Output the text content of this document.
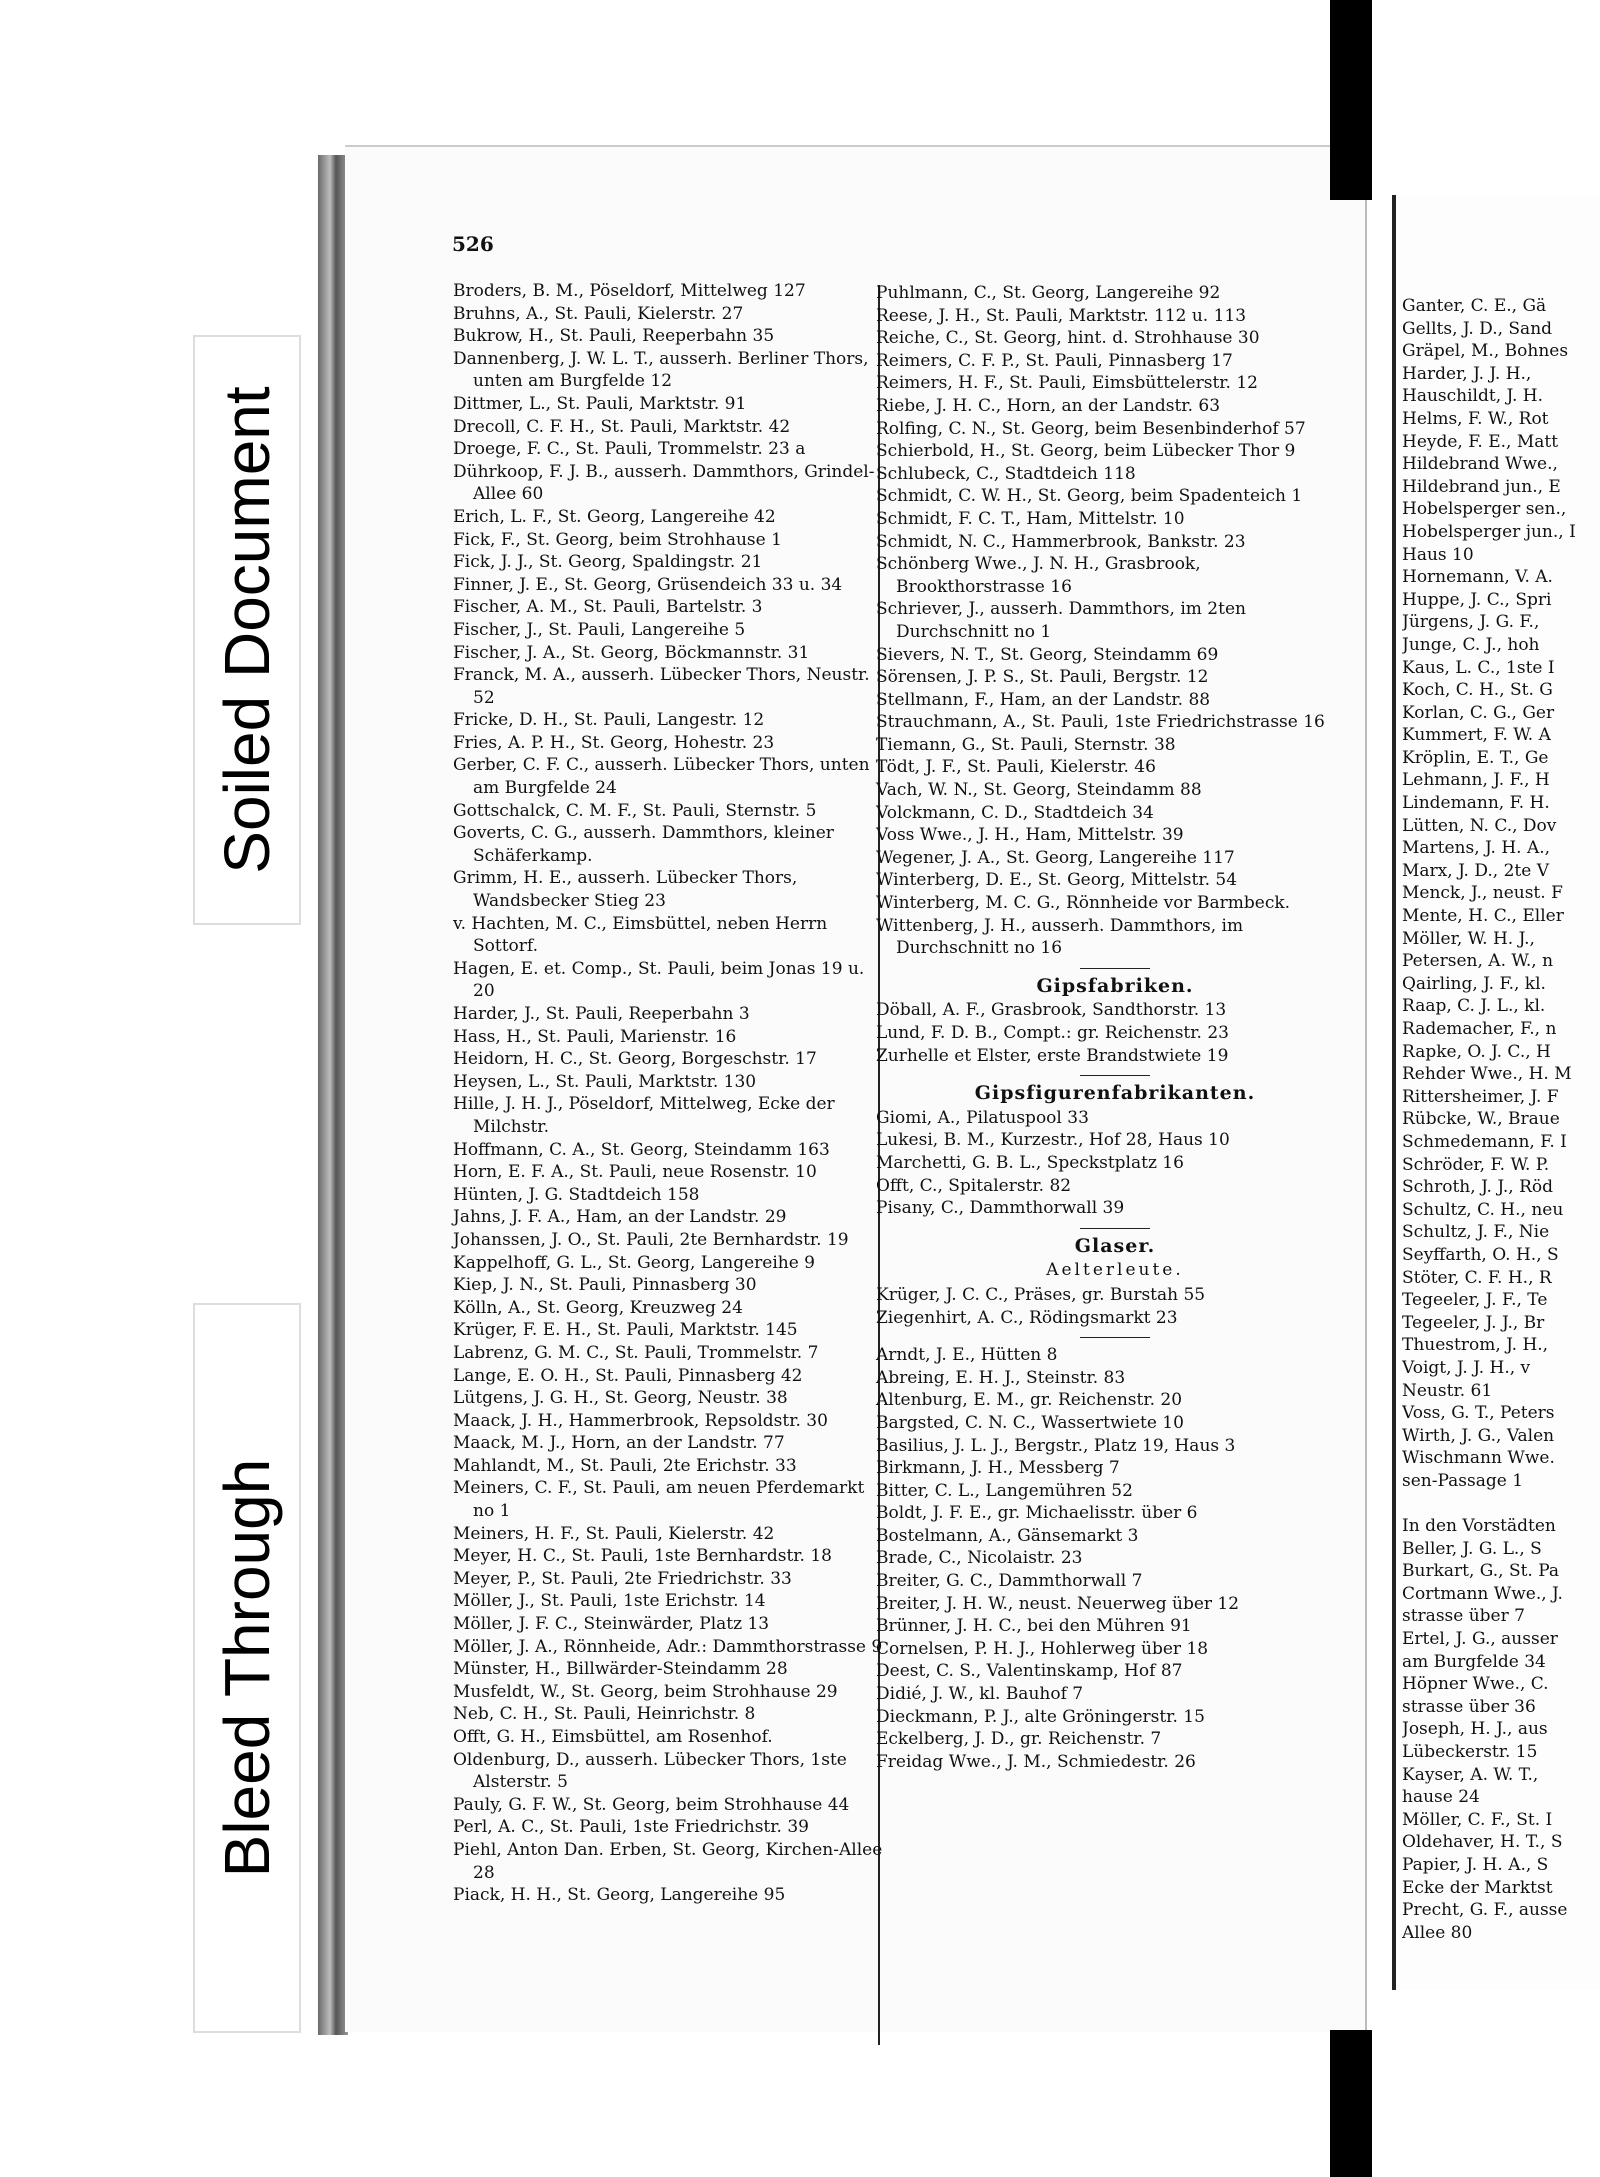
Soiled Document
Bleed Through
526
Broders, B. M., Pöseldorf, Mittelweg 127
Bruhns, A., St. Pauli, Kielerstr. 27
Bukrow, H., St. Pauli, Reeperbahn 35
Dannenberg, J. W. L. T., ausserh. Berliner Thors, unten am Burgfelde 12
Dittmer, L., St. Pauli, Marktstr. 91
Drecoll, C. F. H., St. Pauli, Marktstr. 42
Droege, F. C., St. Pauli, Trommelstr. 23 a
Dührkoop, F. J. B., ausserh. Dammthors, Grindel-Allee 60
Erich, L. F., St. Georg, Langereihe 42
Fick, F., St. Georg, beim Strohhause 1
Fick, J. J., St. Georg, Spaldingstr. 21
Finner, J. E., St. Georg, Grüsendeich 33 u. 34
Fischer, A. M., St. Pauli, Bartelstr. 3
Fischer, J., St. Pauli, Langereihe 5
Fischer, J. A., St. Georg, Böckmannstr. 31
Franck, M. A., ausserh. Lübecker Thors, Neustr. 52
Fricke, D. H., St. Pauli, Langestr. 12
Fries, A. P. H., St. Georg, Hohestr. 23
Gerber, C. F. C., ausserh. Lübecker Thors, unten am Burgfelde 24
Gottschalck, C. M. F., St. Pauli, Sternstr. 5
Goverts, C. G., ausserh. Dammthors, kleiner Schäferkamp.
Grimm, H. E., ausserh. Lübecker Thors, Wandsbecker Stieg 23
v. Hachten, M. C., Eimsbüttel, neben Herrn Sottorf.
Hagen, E. et. Comp., St. Pauli, beim Jonas 19 u. 20
Harder, J., St. Pauli, Reeperbahn 3
Hass, H., St. Pauli, Marienstr. 16
Heidorn, H. C., St. Georg, Borgeschstr. 17
Heysen, L., St. Pauli, Marktstr. 130
Hille, J. H. J., Pöseldorf, Mittelweg, Ecke der Milchstr.
Hoffmann, C. A., St. Georg, Steindamm 163
Horn, E. F. A., St. Pauli, neue Rosenstr. 10
Hünten, J. G. Stadtdeich 158
Jahns, J. F. A., Ham, an der Landstr. 29
Johanssen, J. O., St. Pauli, 2te Bernhardstr. 19
Kappelhoff, G. L., St. Georg, Langereihe 9
Kiep, J. N., St. Pauli, Pinnasberg 30
Kölln, A., St. Georg, Kreuzweg 24
Krüger, F. E. H., St. Pauli, Marktstr. 145
Labrenz, G. M. C., St. Pauli, Trommelstr. 7
Lange, E. O. H., St. Pauli, Pinnasberg 42
Lütgens, J. G. H., St. Georg, Neustr. 38
Maack, J. H., Hammerbrook, Repsoldstr. 30
Maack, M. J., Horn, an der Landstr. 77
Mahlandt, M., St. Pauli, 2te Erichstr. 33
Meiners, C. F., St. Pauli, am neuen Pferdemarkt no 1
Meiners, H. F., St. Pauli, Kielerstr. 42
Meyer, H. C., St. Pauli, 1ste Bernhardstr. 18
Meyer, P., St. Pauli, 2te Friedrichstr. 33
Möller, J., St. Pauli, 1ste Erichstr. 14
Möller, J. F. C., Steinwärder, Platz 13
Möller, J. A., Rönnheide, Adr.: Dammthorstrasse 9
Münster, H., Billwärder-Steindamm 28
Musfeldt, W., St. Georg, beim Strohhause 29
Neb, C. H., St. Pauli, Heinrichstr. 8
Offt, G. H., Eimsbüttel, am Rosenhof.
Oldenburg, D., ausserh. Lübecker Thors, 1ste Alsterstr. 5
Pauly, G. F. W., St. Georg, beim Strohhause 44
Perl, A. C., St. Pauli, 1ste Friedrichstr. 39
Piehl, Anton Dan. Erben, St. Georg, Kirchen-Allee 28
Piack, H. H., St. Georg, Langereihe 95
Puhlmann, C., St. Georg, Langereihe 92
Reese, J. H., St. Pauli, Marktstr. 112 u. 113
Reiche, C., St. Georg, hint. d. Strohhause 30
Reimers, C. F. P., St. Pauli, Pinnasberg 17
Reimers, H. F., St. Pauli, Eimsbüttelerstr. 12
Riebe, J. H. C., Horn, an der Landstr. 63
Rolfing, C. N., St. Georg, beim Besenbinderhof 57
Schierbold, H., St. Georg, beim Lübecker Thor 9
Schlubeck, C., Stadtdeich 118
Schmidt, C. W. H., St. Georg, beim Spadenteich 1
Schmidt, F. C. T., Ham, Mittelstr. 10
Schmidt, N. C., Hammerbrook, Bankstr. 23
Schönberg Wwe., J. N. H., Grasbrook, Brookthorstrasse 16
Schriever, J., ausserh. Dammthors, im 2ten Durchschnitt no 1
Sievers, N. T., St. Georg, Steindamm 69
Sörensen, J. P. S., St. Pauli, Bergstr. 12
Stellmann, F., Ham, an der Landstr. 88
Strauchmann, A., St. Pauli, 1ste Friedrichstrasse 16
Tiemann, G., St. Pauli, Sternstr. 38
Tödt, J. F., St. Pauli, Kielerstr. 46
Vach, W. N., St. Georg, Steindamm 88
Volckmann, C. D., Stadtdeich 34
Voss Wwe., J. H., Ham, Mittelstr. 39
Wegener, J. A., St. Georg, Langereihe 117
Winterberg, D. E., St. Georg, Mittelstr. 54
Winterberg, M. C. G., Rönnheide vor Barmbeck.
Wittenberg, J. H., ausserh. Dammthors, im Durchschnitt no 16
Gipsfabriken.
Döball, A. F., Grasbrook, Sandthorstr. 13
Lund, F. D. B., Compt.: gr. Reichenstr. 23
Zurhelle et Elster, erste Brandstwiete 19
Gipsfigurenfabrikanten.
Giomi, A., Pilatuspool 33
Lukesi, B. M., Kurzestr., Hof 28, Haus 10
Marchetti, G. B. L., Speckstplatz 16
Offt, C., Spitalerstr. 82
Pisany, C., Dammthorwall 39
Glaser.
Aelterleute.
Krüger, J. C. C., Präses, gr. Burstah 55
Ziegenhirt, A. C., Rödingsmarkt 23
Arndt, J. E., Hütten 8
Abreing, E. H. J., Steinstr. 83
Altenburg, E. M., gr. Reichenstr. 20
Bargsted, C. N. C., Wassertwiete 10
Basilius, J. L. J., Bergstr., Platz 19, Haus 3
Birkmann, J. H., Messberg 7
Bitter, C. L., Langemühren 52
Boldt, J. F. E., gr. Michaelisstr. über 6
Bostelmann, A., Gänsemarkt 3
Brade, C., Nicolaistr. 23
Breiter, G. C., Dammthorwall 7
Breiter, J. H. W., neust. Neuerweg über 12
Brünner, J. H. C., bei den Mühren 91
Cornelsen, P. H. J., Hohlerweg über 18
Deest, C. S., Valentinskamp, Hof 87
Didié, J. W., kl. Bauhof 7
Dieckmann, P. J., alte Gröningerstr. 15
Eckelberg, J. D., gr. Reichenstr. 7
Freidag Wwe., J. M., Schmiedestr. 26
Ganter, C. E., Gä
Gellts, J. D., Sand
Gräpel, M., Bohnes
Harder, J. J. H.,
Hauschildt, J. H.
Helms, F. W., Rot
Heyde, F. E., Matt
Hildebrand Wwe.,
Hildebrand jun., E
Hobelsperger sen.,
Hobelsperger jun., I
Haus 10
Hornemann, V. A.
Huppe, J. C., Spri
Jürgens, J. G. F.,
Junge, C. J., hoh
Kaus, L. C., 1ste I
Koch, C. H., St. G
Korlan, C. G., Ger
Kummert, F. W. A
Kröplin, E. T., Ge
Lehmann, J. F., H
Lindemann, F. H.
Lütten, N. C., Dov
Martens, J. H. A.,
Marx, J. D., 2te V
Menck, J., neust. F
Mente, H. C., Eller
Möller, W. H. J.,
Petersen, A. W., n
Qairling, J. F., kl.
Raap, C. J. L., kl.
Rademacher, F., n
Rapke, O. J. C., H
Rehder Wwe., H. M
Rittersheimer, J. F
Rübcke, W., Braue
Schmedemann, F. I
Schröder, F. W. P.
Schroth, J. J., Röd
Schultz, C. H., neu
Schultz, J. F., Nie
Seyffarth, O. H., S
Stöter, C. F. H., R
Tegeeler, J. F., Te
Tegeeler, J. J., Br
Thuestrom, J. H.,
Voigt, J. J. H., v
Neustr. 61
Voss, G. T., Peters
Wirth, J. G., Valen
Wischmann Wwe.
sen-Passage 1

In den Vorstädten
Beller, J. G. L., S
Burkart, G., St. Pa
Cortmann Wwe., J.
strasse über 7
Ertel, J. G., ausser
am Burgfelde 34
Höpner Wwe., C.
strasse über 36
Joseph, H. J., aus
Lübeckerstr. 15
Kayser, A. W. T.,
hause 24
Möller, C. F., St. I
Oldehaver, H. T., S
Papier, J. H. A., S
Ecke der Marktst
Precht, G. F., ausse
Allee 80
